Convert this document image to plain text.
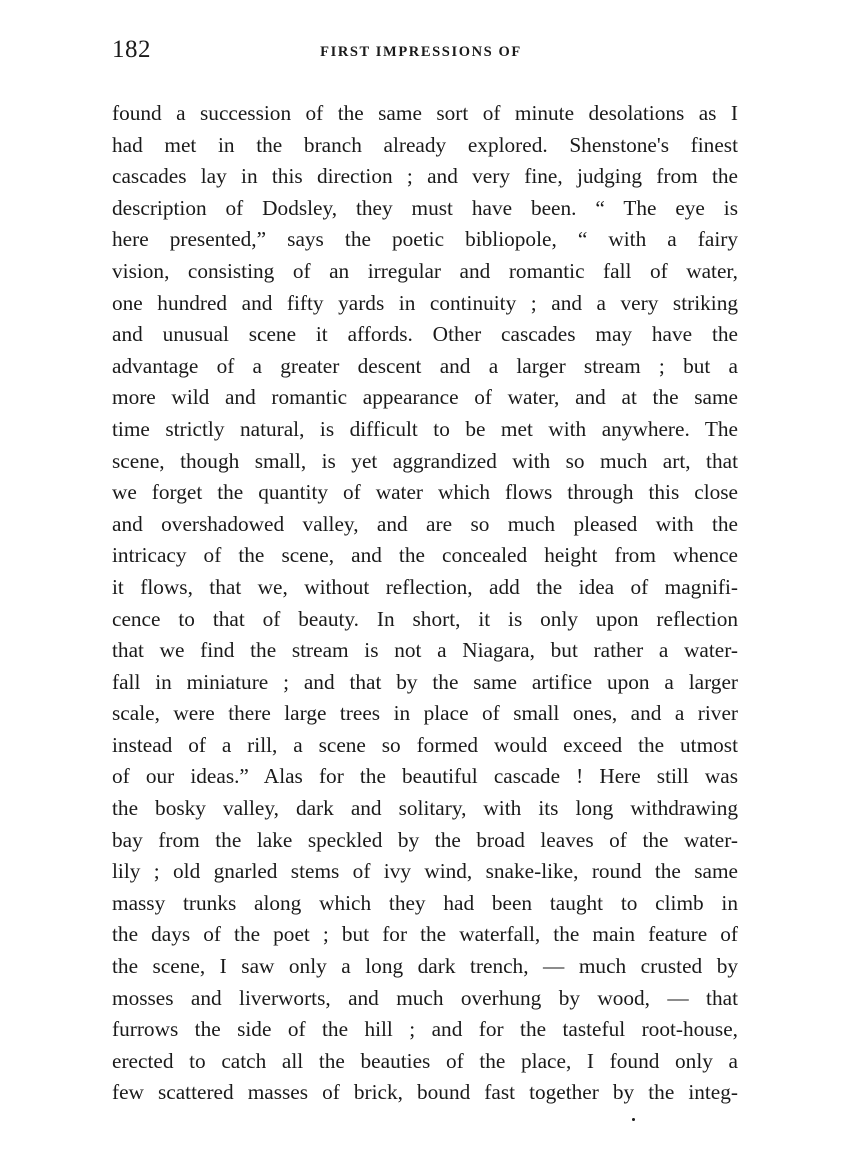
182	FIRST IMPRESSIONS OF
found a succession of the same sort of minute desolations as I
had met in the branch already explored. Shenstone's finest
cascades lay in this direction ; and very fine, judging from the
description of Dodsley, they must have been. “ The eye is
here presented,” says the poetic bibliopole, “ with a fairy
vision, consisting of an irregular and romantic fall of water,
one hundred and fifty yards in continuity ; and a very striking
and unusual scene it affords. Other cascades may have the
advantage of a greater descent and a larger stream ; but a
more wild and romantic appearance of water, and at the same
time strictly natural, is difficult to be met with anywhere. The
scene, though small, is yet aggrandized with so much art, that
we forget the quantity of water which flows through this close
and overshadowed valley, and are so much pleased with the
intricacy of the scene, and the concealed height from whence
it flows, that we, without reflection, add the idea of magnifi-
cence to that of beauty. In short, it is only upon reflection
that we find the stream is not a Niagara, but rather a water-
fall in miniature ; and that by the same artifice upon a larger
scale, were there large trees in place of small ones, and a river
instead of a rill, a scene so formed would exceed the utmost
of our ideas.” Alas for the beautiful cascade ! Here still was
the bosky valley, dark and solitary, with its long withdrawing
bay from the lake speckled by the broad leaves of the water-
lily ; old gnarled stems of ivy wind, snake-like, round the same
massy trunks along which they had been taught to climb in
the days of the poet ; but for the waterfall, the main feature of
the scene, I saw only a long dark trench, — much crusted by
mosses and liverworts, and much overhung by wood, — that
furrows the side of the hill ; and for the tasteful root-house,
erected to catch all the beauties of the place, I found only a
few scattered masses of brick, bound fast together by the integ-
